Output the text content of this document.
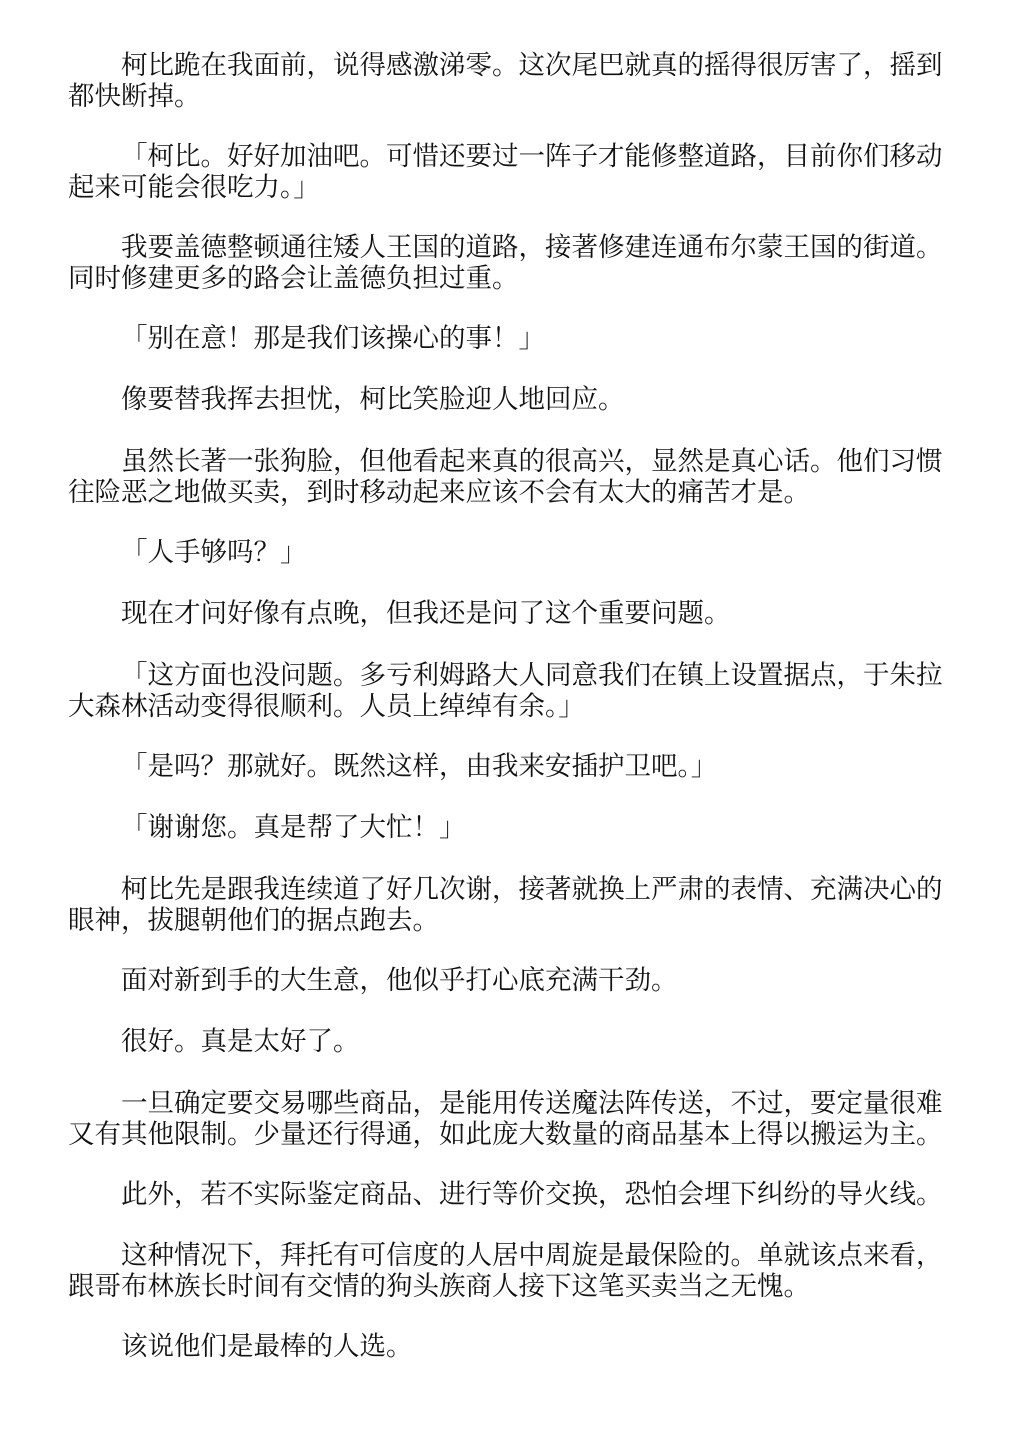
柯比跪在我面前，说得感激涕零。这次尾巴就真的摇得很厉害了，摇到都快断掉。

「柯比。好好加油吧。可惜还要过一阵子才能修整道路，目前你们移动起来可能会很吃力。」

我要盖德整顿通往矮人王国的道路，接著修建连通布尔蒙王国的街道。同时修建更多的路会让盖德负担过重。

「别在意！那是我们该操心的事！」

像要替我挥去担忧，柯比笑脸迎人地回应。

虽然长著一张狗脸，但他看起来真的很高兴，显然是真心话。他们习惯往险恶之地做买卖，到时移动起来应该不会有太大的痛苦才是。

「人手够吗？」

现在才问好像有点晚，但我还是问了这个重要问题。

「这方面也没问题。多亏利姆路大人同意我们在镇上设置据点，于朱拉大森林活动变得很顺利。人员上绰绰有余。」

「是吗？那就好。既然这样，由我来安插护卫吧。」

「谢谢您。真是帮了大忙！」

柯比先是跟我连续道了好几次谢，接著就换上严肃的表情、充满决心的眼神，拔腿朝他们的据点跑去。

面对新到手的大生意，他似乎打心底充满干劲。

很好。真是太好了。

一旦确定要交易哪些商品，是能用传送魔法阵传送，不过，要定量很难又有其他限制。少量还行得通，如此庞大数量的商品基本上得以搬运为主。

此外，若不实际鉴定商品、进行等价交换，恐怕会埋下纠纷的导火线。

这种情况下，拜托有可信度的人居中周旋是最保险的。单就该点来看，跟哥布林族长时间有交情的狗头族商人接下这笔买卖当之无愧。

该说他们是最棒的人选。
